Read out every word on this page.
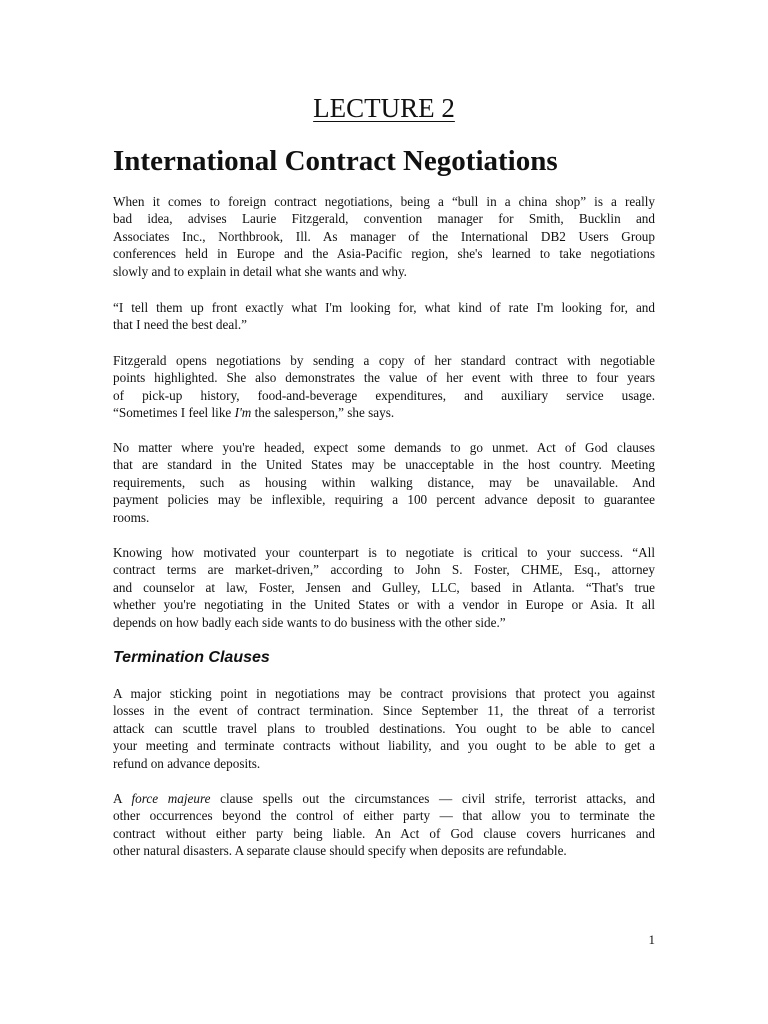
LECTURE 2
International Contract Negotiations
When it comes to foreign contract negotiations, being a “bull in a china shop” is a really
bad idea, advises Laurie Fitzgerald, convention manager for Smith, Bucklin and
Associates Inc., Northbrook, Ill. As manager of the International DB2 Users Group
conferences held in Europe and the Asia-Pacific region, she's learned to take negotiations
slowly and to explain in detail what she wants and why.
“I tell them up front exactly what I'm looking for, what kind of rate I'm looking for, and
that I need the best deal.”
Fitzgerald opens negotiations by sending a copy of her standard contract with negotiable
points highlighted. She also demonstrates the value of her event with three to four years
of pick-up history, food-and-beverage expenditures, and auxiliary service usage.
“Sometimes I feel like I'm the salesperson,” she says.
No matter where you're headed, expect some demands to go unmet. Act of God clauses
that are standard in the United States may be unacceptable in the host country. Meeting
requirements, such as housing within walking distance, may be unavailable. And
payment policies may be inflexible, requiring a 100 percent advance deposit to guarantee
rooms.
Knowing how motivated your counterpart is to negotiate is critical to your success. “All
contract terms are market-driven,” according to John S. Foster, CHME, Esq., attorney
and counselor at law, Foster, Jensen and Gulley, LLC, based in Atlanta. “That's true
whether you're negotiating in the United States or with a vendor in Europe or Asia. It all
depends on how badly each side wants to do business with the other side.”
Termination Clauses
A major sticking point in negotiations may be contract provisions that protect you against
losses in the event of contract termination. Since September 11, the threat of a terrorist
attack can scuttle travel plans to troubled destinations. You ought to be able to cancel
your meeting and terminate contracts without liability, and you ought to be able to get a
refund on advance deposits.
A force majeure clause spells out the circumstances — civil strife, terrorist attacks, and
other occurrences beyond the control of either party — that allow you to terminate the
contract without either party being liable. An Act of God clause covers hurricanes and
other natural disasters. A separate clause should specify when deposits are refundable.
1
